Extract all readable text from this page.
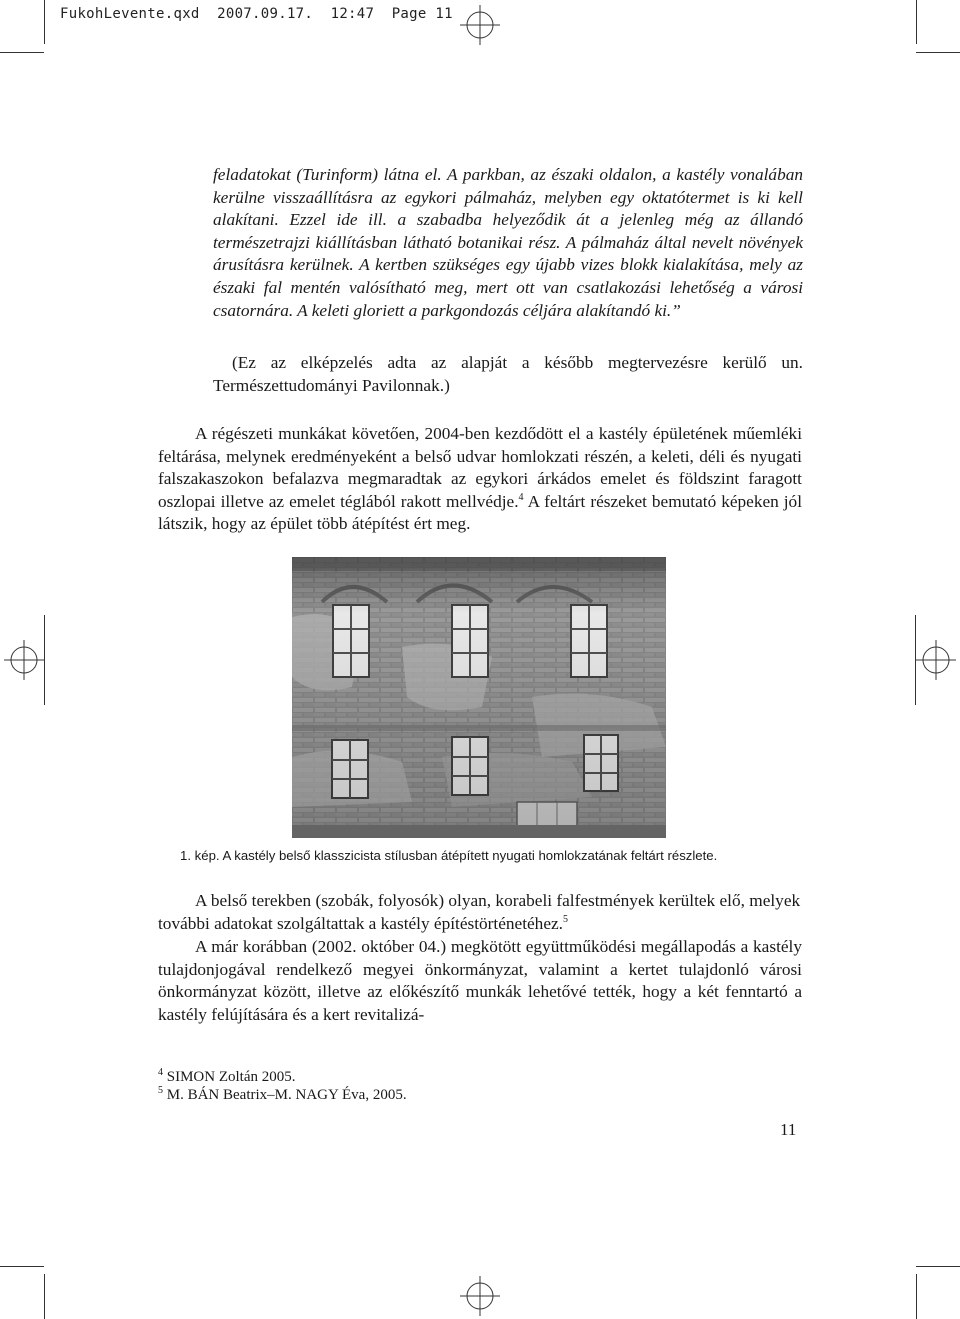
FukohLevente.qxd  2007.09.17.  12:47  Page 11

feladatokat (Turinform) látna el. A parkban, az északi oldalon, a kastély vonalában kerülne visszaállításra az egykori pálmaház, melyben egy oktatótermet is ki kell alakítani. Ezzel ide ill. a szabadba helyeződik át a jelenleg még az állandó természetrajzi kiállításban látható botanikai rész. A pálmaház által nevelt növények árusításra kerülnek. A kertben szükséges egy újabb vizes blokk kialakítása, mely az északi fal mentén valósítható meg, mert ott van csatlakozási lehetőség a városi csatornára. A keleti gloriett a parkgondozás céljára alakítandó ki.”

(Ez az elképzelés adta az alapját a később megtervezésre kerülő un. Természettudományi Pavilonnak.)

A régészeti munkákat követően, 2004-ben kezdődött el a kastély épületének műemléki feltárása, melynek eredményeként a belső udvar homlokzati részén, a keleti, déli és nyugati falszakaszokon befalazva megmaradtak az egykori árkádos emelet és földszint faragott oszlopai illetve az emelet téglából rakott mellvédje.$^4$ A feltárt részeket bemutató képeken jól látszik, hogy az épület több átépítést ért meg.

1. kép. A kastély belső klasszicista stílusban átépített nyugati homlokzatának feltárt részlete.

A belső terekben (szobák, folyosók) olyan, korabeli falfestmények kerültek elő, melyek további adatokat szolgáltattak a kastély építéstörténetéhez.$^5$

A már korábban (2002. október 04.) megkötött együttműködési megállapodás a kastély tulajdonjogával rendelkező megyei önkormányzat, valamint a kertet tulajdonló városi önkormányzat között, illetve az előkészítő munkák lehetővé tették, hogy a két fenntartó a kastély felújítására és a kert revitalizá-

$^4$ SIMON Zoltán 2005.
$^5$ M. BÁN Beatrix–M. NAGY Éva, 2005.
11
